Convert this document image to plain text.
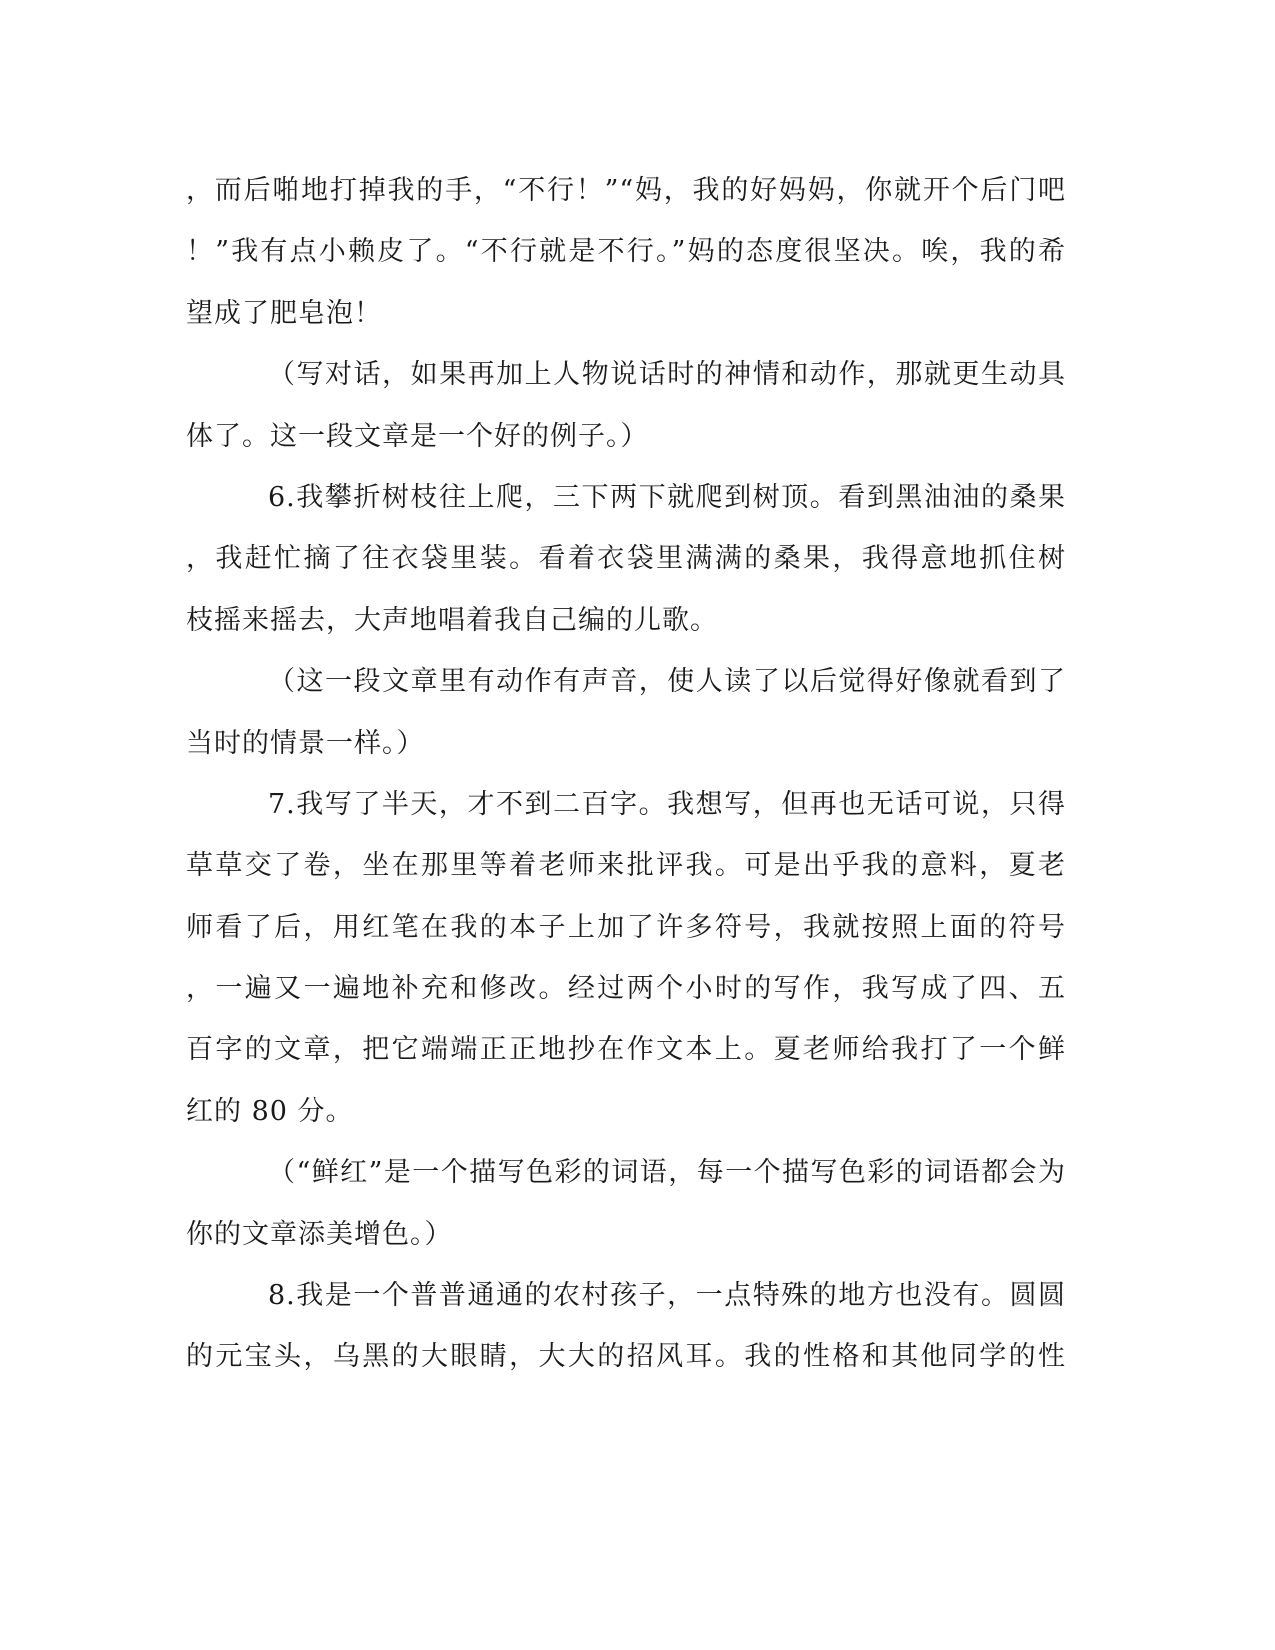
，而后啪地打掉我的手，“不行！”“妈，我的好妈妈，你就开个后门吧
！”我有点小赖皮了。“不行就是不行。”妈的态度很坚决。唉，我的希
望成了肥皂泡！
（写对话，如果再加上人物说话时的神情和动作，那就更生动具
体了。这一段文章是一个好的例子。）
6.我攀折树枝往上爬，三下两下就爬到树顶。看到黑油油的桑果
，我赶忙摘了往衣袋里装。看着衣袋里满满的桑果，我得意地抓住树
枝摇来摇去，大声地唱着我自己编的儿歌。
（这一段文章里有动作有声音，使人读了以后觉得好像就看到了
当时的情景一样。）
7.我写了半天，才不到二百字。我想写，但再也无话可说，只得
草草交了卷，坐在那里等着老师来批评我。可是出乎我的意料，夏老
师看了后，用红笔在我的本子上加了许多符号，我就按照上面的符号
，一遍又一遍地补充和修改。经过两个小时的写作，我写成了四、五
百字的文章，把它端端正正地抄在作文本上。夏老师给我打了一个鲜
红的 80 分。
（“鲜红”是一个描写色彩的词语，每一个描写色彩的词语都会为
你的文章添美增色。）
8.我是一个普普通通的农村孩子，一点特殊的地方也没有。圆圆
的元宝头，乌黑的大眼睛，大大的招风耳。我的性格和其他同学的性
